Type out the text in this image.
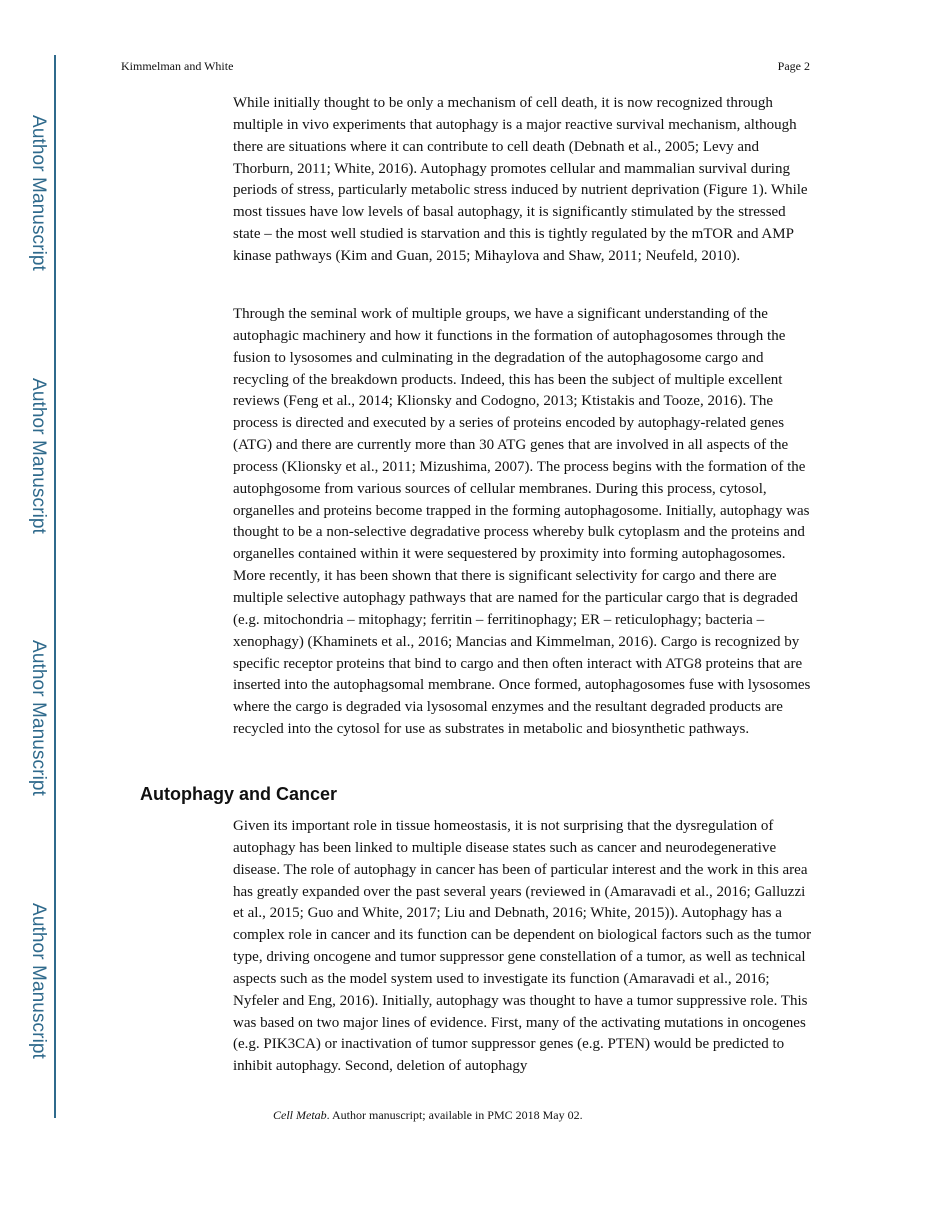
Author Manuscript
Author Manuscript
Author Manuscript
Author Manuscript
Kimmelman and White	Page 2

While initially thought to be only a mechanism of cell death, it is now recognized through multiple in vivo experiments that autophagy is a major reactive survival mechanism, although there are situations where it can contribute to cell death (Debnath et al., 2005; Levy and Thorburn, 2011; White, 2016). Autophagy promotes cellular and mammalian survival during periods of stress, particularly metabolic stress induced by nutrient deprivation (Figure 1). While most tissues have low levels of basal autophagy, it is significantly stimulated by the stressed state – the most well studied is starvation and this is tightly regulated by the mTOR and AMP kinase pathways (Kim and Guan, 2015; Mihaylova and Shaw, 2011; Neufeld, 2010).

Through the seminal work of multiple groups, we have a significant understanding of the autophagic machinery and how it functions in the formation of autophagosomes through the fusion to lysosomes and culminating in the degradation of the autophagosome cargo and recycling of the breakdown products. Indeed, this has been the subject of multiple excellent reviews (Feng et al., 2014; Klionsky and Codogno, 2013; Ktistakis and Tooze, 2016). The process is directed and executed by a series of proteins encoded by autophagy-related genes (ATG) and there are currently more than 30 ATG genes that are involved in all aspects of the process (Klionsky et al., 2011; Mizushima, 2007). The process begins with the formation of the autophgosome from various sources of cellular membranes. During this process, cytosol, organelles and proteins become trapped in the forming autophagosome. Initially, autophagy was thought to be a non-selective degradative process whereby bulk cytoplasm and the proteins and organelles contained within it were sequestered by proximity into forming autophagosomes. More recently, it has been shown that there is significant selectivity for cargo and there are multiple selective autophagy pathways that are named for the particular cargo that is degraded (e.g. mitochondria – mitophagy; ferritin – ferritinophagy; ER – reticulophagy; bacteria – xenophagy) (Khaminets et al., 2016; Mancias and Kimmelman, 2016). Cargo is recognized by specific receptor proteins that bind to cargo and then often interact with ATG8 proteins that are inserted into the autophagsomal membrane. Once formed, autophagosomes fuse with lysosomes where the cargo is degraded via lysosomal enzymes and the resultant degraded products are recycled into the cytosol for use as substrates in metabolic and biosynthetic pathways.

Autophagy and Cancer

Given its important role in tissue homeostasis, it is not surprising that the dysregulation of autophagy has been linked to multiple disease states such as cancer and neurodegenerative disease. The role of autophagy in cancer has been of particular interest and the work in this area has greatly expanded over the past several years (reviewed in (Amaravadi et al., 2016; Galluzzi et al., 2015; Guo and White, 2017; Liu and Debnath, 2016; White, 2015)). Autophagy has a complex role in cancer and its function can be dependent on biological factors such as the tumor type, driving oncogene and tumor suppressor gene constellation of a tumor, as well as technical aspects such as the model system used to investigate its function (Amaravadi et al., 2016; Nyfeler and Eng, 2016). Initially, autophagy was thought to have a tumor suppressive role. This was based on two major lines of evidence. First, many of the activating mutations in oncogenes (e.g. PIK3CA) or inactivation of tumor suppressor genes (e.g. PTEN) would be predicted to inhibit autophagy. Second, deletion of autophagy

Cell Metab. Author manuscript; available in PMC 2018 May 02.
